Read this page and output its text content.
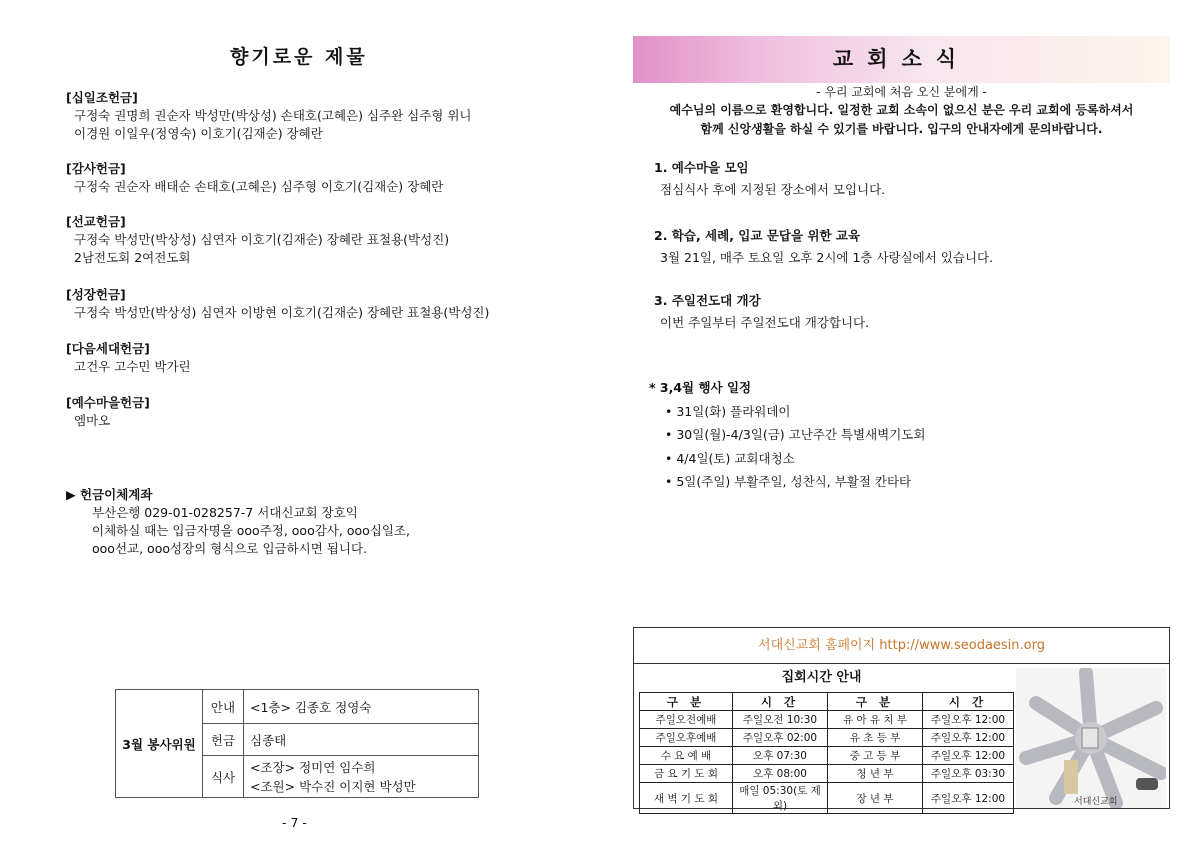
향기로운 제물
[십일조헌금]
구정숙 권명희 권순자 박성만(박상성) 손태호(고혜은) 심주완 심주형 위니
이경원 이일우(정영숙) 이호기(김재순) 장혜란
[감사헌금]
구정숙 권순자 배태순 손태호(고혜은) 심주형 이호기(김재순) 장혜란
[선교헌금]
구정숙 박성만(박상성) 심연자 이호기(김재순) 장혜란 표철용(박성진)
2남전도회 2여전도회
[성장헌금]
구정숙 박성만(박상성) 심연자 이방현 이호기(김재순) 장혜란 표철용(박성진)
[다음세대헌금]
고건우 고수민 박가린
[예수마을헌금]
엠마오
▶ 헌금이체계좌
부산은행 029-01-028257-7 서대신교회 장호익
이체하실 때는 입금자명을 ooo주정, ooo감사, ooo십일조,
ooo선교, ooo성장의 형식으로 입금하시면 됩니다.
3월 봉사위원	안내	<1층> 김종호 정영숙
	헌금	심종태
	식사	<조장> 정미연 임수희
<조원> 박수진 이지현 박성만
- 7 -
교회소식
- 우리 교회에 처음 오신 분에게 -
예수님의 이름으로 환영합니다. 일정한 교회 소속이 없으신 분은 우리 교회에 등록하셔서
함께 신앙생활을 하실 수 있기를 바랍니다. 입구의 안내자에게 문의바랍니다.
1. 예수마을 모임
점심식사 후에 지정된 장소에서 모입니다.
2. 학습, 세례, 입교 문답을 위한 교육
3월 21일, 매주 토요일 오후 2시에 1층 사랑실에서 있습니다.
3. 주일전도대 개강
이번 주일부터 주일전도대 개강합니다.
* 3,4월 행사 일정
• 31일(화) 플라워데이
• 30일(월)-4/3일(금) 고난주간 특별새벽기도회
• 4/4일(토) 교회대청소
• 5일(주일) 부활주일, 성찬식, 부활절 칸타타
서대신교회 홈페이지 http://www.seodaesin.org
집회시간 안내
구 분	시 간	구 분	시 간
주일오전예배	주일오전 10:30	유 아 유 치 부	주일오후 12:00
주일오후예배	주일오후 02:00	유 초 등 부	주일오후 12:00
수 요 예 배	오후 07:30	중 고 등 부	주일오후 12:00
금 요 기 도 회	오후 08:00	청 년 부	주일오후 03:30
새 벽 기 도 회	매일 05:30(토 제외)	장 년 부	주일오후 12:00	서대신교회
